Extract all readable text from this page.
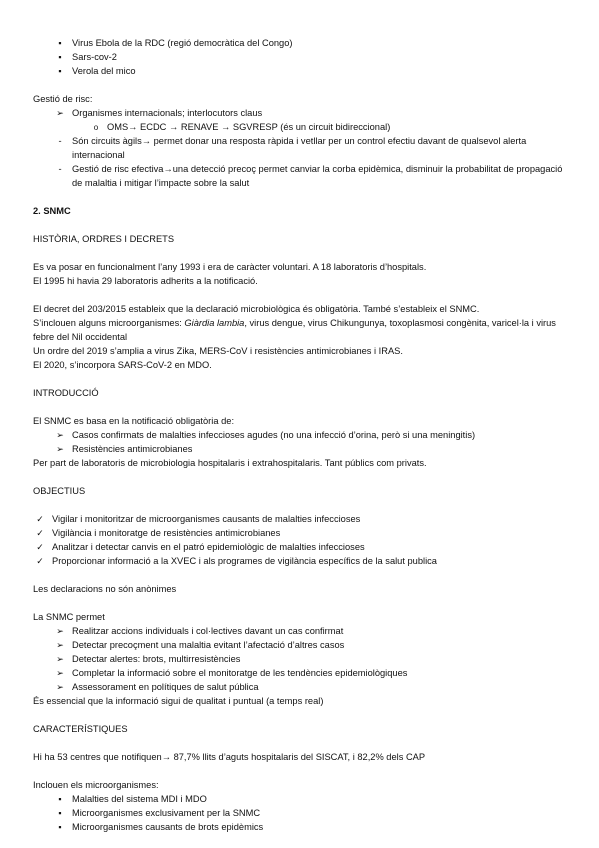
▪
Virus Ebola de la RDC (regió democràtica del Congo)
▪
Sars-cov-2
▪
Verola del mico
Gestió de risc:
➢
Organismes internacionals; interlocutors claus
o
OMS→ ECDC → RENAVE → SGVRESP (és un circuit bidireccional)
-
Són circuits àgils→ permet donar una resposta ràpida i vetllar per un control efectiu davant de qualsevol alerta internacional
-
Gestió de risc efectiva→una detecció precoç permet canviar la corba epidèmica, disminuir la probabilitat de propagació de malaltia i mitigar l’impacte sobre la salut
2. SNMC
HISTÒRIA, ORDRES I DECRETS
Es va posar en funcionalment l’any 1993 i era de caràcter voluntari. A 18 laboratoris d’hospitals.
El 1995 hi havia 29 laboratoris adherits a la notificació.
El decret del 203/2015 estableix que la declaració microbiològica és obligatòria. També s’estableix el SNMC.
S’inclouen alguns microorganismes: Giàrdia lambia, virus dengue, virus Chikungunya, toxoplasmosi congènita, varicel·la i virus febre del Nil occidental
Un ordre del 2019 s’amplia a virus Zika, MERS-CoV i resistències antimicrobianes i IRAS.
El 2020, s’incorpora SARS-CoV-2 en MDO.
INTRODUCCIÓ
El SNMC es basa en la notificació obligatòria de:
➢
Casos confirmats de malalties infeccioses agudes (no una infecció d’orina, però si una meningitis)
➢
Resistències antimicrobianes
Per part de laboratoris de microbiologia hospitalaris i extrahospitalaris. Tant públics com privats.
OBJECTIUS
✓
Vigilar i monitoritzar de microorganismes causants de malalties infeccioses
✓
Vigilància i monitoratge de resistències antimicrobianes
✓
Analitzar i detectar canvis en el patró epidemiològic de malalties infeccioses
✓
Proporcionar informació a la XVEC i als programes de vigilància específics de la salut publica
Les declaracions no són anònimes
La SNMC permet
➢
Realitzar accions individuals i col·lectives davant un cas confirmat
➢
Detectar precoçment una malaltia evitant l’afectació d’altres casos
➢
Detectar alertes: brots, multirresistències
➢
Completar la informació sobre el monitoratge de les tendències epidemiològiques
➢
Assessorament en polítiques de salut pública
És essencial que la informació sigui de qualitat i puntual (a temps real)
CARACTERÍSTIQUES
Hi ha 53 centres que notifiquen→ 87,7% llits d’aguts hospitalaris del SISCAT, i 82,2% dels CAP
Inclouen els microorganismes:
▪
Malalties del sistema MDI i MDO
▪
Microorganismes exclusivament per la SNMC
▪
Microorganismes causants de brots epidèmics
